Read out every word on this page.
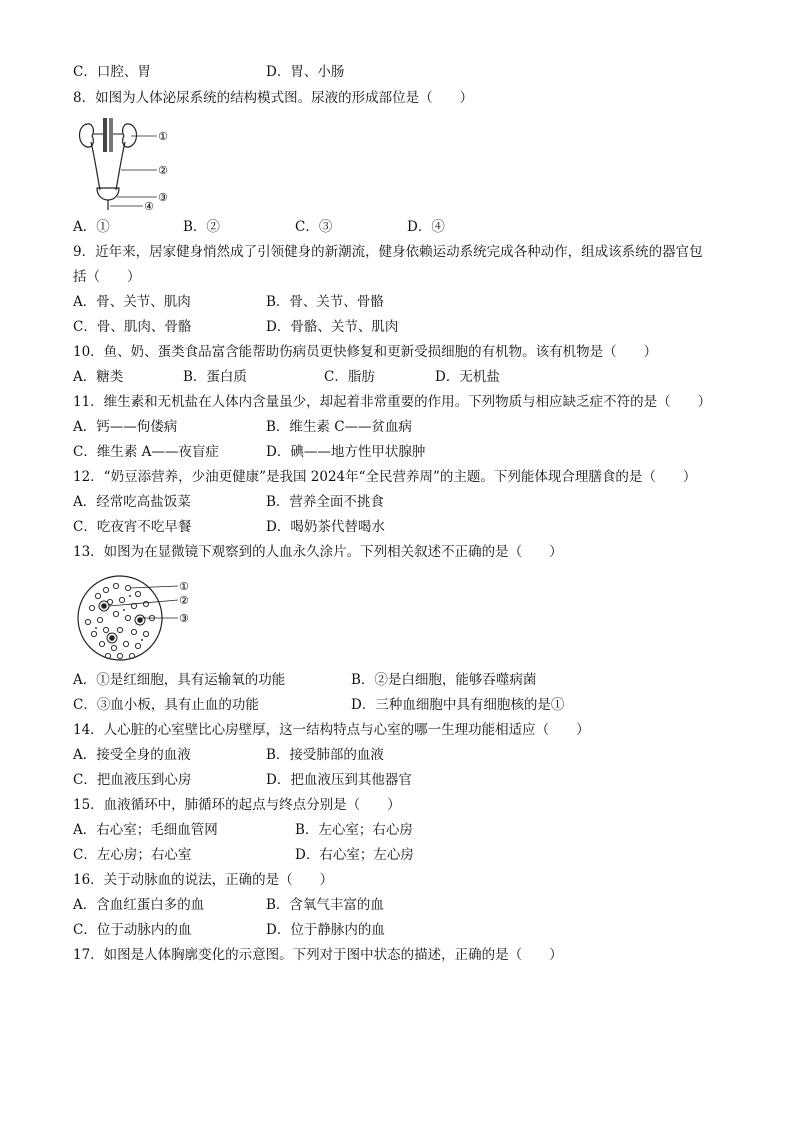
C．口腔、胃	D．胃、小肠
8．如图为人体泌尿系统的结构模式图。尿液的形成部位是（　　）
①
②
③
④
A．①	B．②	C．③	D．④
9．近年来，居家健身悄然成了引领健身的新潮流，健身依赖运动系统完成各种动作，组成该系统的器官包
括（　　）
A．骨、关节、肌肉	B．骨、关节、骨骼
C．骨、肌肉、骨骼	D．骨骼、关节、肌肉
10．鱼、奶、蛋类食品富含能帮助伤病员更快修复和更新受损细胞的有机物。该有机物是（　　）
A．糖类	B．蛋白质	C．脂肪	D．无机盐
11．维生素和无机盐在人体内含量虽少，却起着非常重要的作用。下列物质与相应缺乏症不符的是（　　）
A．钙——佝偻病	B．维生素 C——贫血病
C．维生素 A——夜盲症	D．碘——地方性甲状腺肿
12．“奶豆添营养，少油更健康”是我国 2024年“全民营养周”的主题。下列能体现合理膳食的是（　　）
A．经常吃高盐饭菜	B．营养全面不挑食
C．吃夜宵不吃早餐	D．喝奶茶代替喝水
13．如图为在显微镜下观察到的人血永久涂片。下列相关叙述不正确的是（　　）
①
②
③
A．①是红细胞，具有运输氧的功能	B．②是白细胞，能够吞噬病菌
C．③血小板，具有止血的功能	D．三种血细胞中具有细胞核的是①
14．人心脏的心室壁比心房壁厚，这一结构特点与心室的哪一生理功能相适应（　　）
A．接受全身的血液	B．接受肺部的血液
C．把血液压到心房	D．把血液压到其他器官
15．血液循环中，肺循环的起点与终点分别是（　　）
A．右心室；毛细血管网	B．左心室；右心房
C．左心房；右心室	D．右心室；左心房
16．关于动脉血的说法，正确的是（　　）
A．含血红蛋白多的血	B．含氧气丰富的血
C．位于动脉内的血	D．位于静脉内的血
17．如图是人体胸廓变化的示意图。下列对于图中状态的描述，正确的是（　　）
